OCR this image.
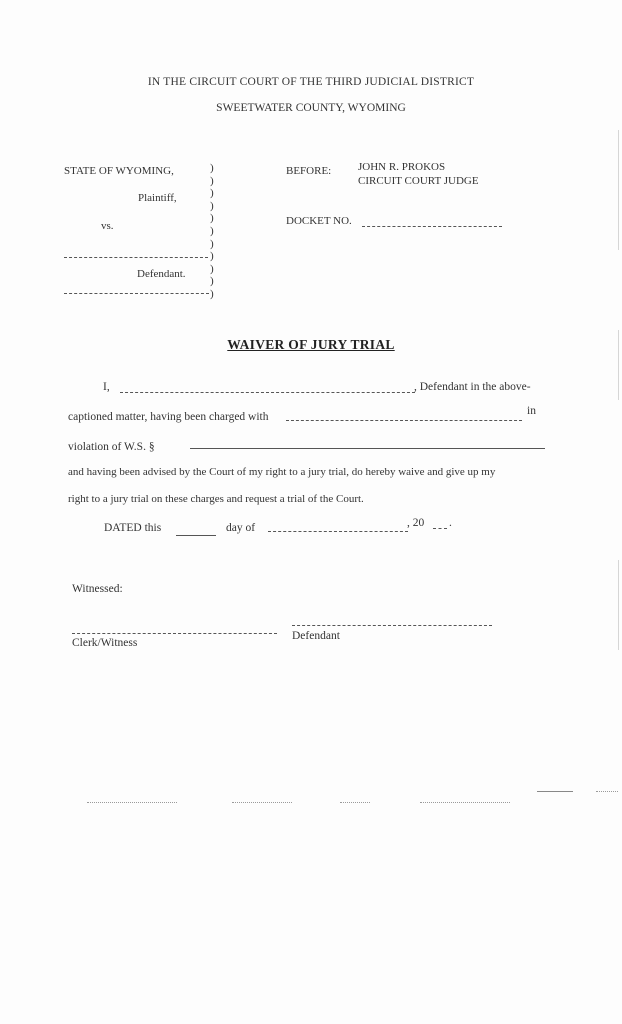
IN THE CIRCUIT COURT OF THE THIRD JUDICIAL DISTRICT
SWEETWATER COUNTY, WYOMING
STATE OF WYOMING,
Plaintiff,
vs.
Defendant.
)
)
)
)
)
)
)
)
)
)
)
BEFORE: JOHN R. PROKOS
CIRCUIT COURT JUDGE
DOCKET NO.
WAIVER OF JURY TRIAL
I,	, Defendant in the above-
captioned matter, having been charged with	in
violation of W.S. §
and having been advised by the Court of my right to a jury trial, do hereby waive and give up my
right to a jury trial on these charges and request a trial of the Court.
DATED this	day of	, 20 .
Witnessed:
Clerk/Witness
Defendant
